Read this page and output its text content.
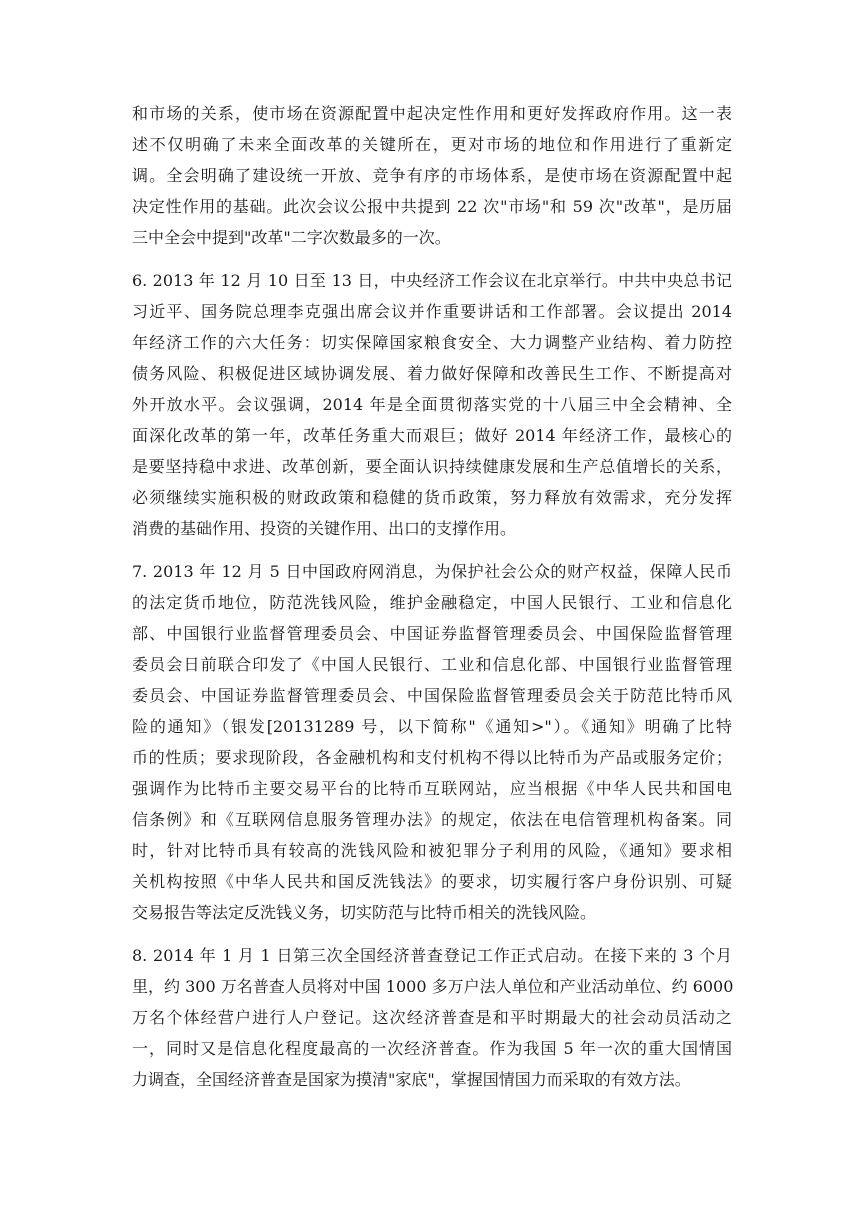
和市场的关系，使市场在资源配置中起决定性作用和更好发挥政府作用。这一表
述不仅明确了未来全面改革的关键所在，更对市场的地位和作用进行了重新定
调。全会明确了建设统一开放、竞争有序的市场体系，是使市场在资源配置中起
决定性作用的基础。此次会议公报中共提到 22 次"市场"和 59 次"改革"，是历届
三中全会中提到"改革"二字次数最多的一次。
6. 2013 年 12 月 10 日至 13 日，中央经济工作会议在北京举行。中共中央总书记
习近平、国务院总理李克强出席会议并作重要讲话和工作部署。会议提出 2014
年经济工作的六大任务：切实保障国家粮食安全、大力调整产业结构、着力防控
债务风险、积极促进区域协调发展、着力做好保障和改善民生工作、不断提高对
外开放水平。会议强调，2014 年是全面贯彻落实党的十八届三中全会精神、全
面深化改革的第一年，改革任务重大而艰巨；做好 2014 年经济工作，最核心的
是要坚持稳中求进、改革创新，要全面认识持续健康发展和生产总值增长的关系，
必须继续实施积极的财政政策和稳健的货币政策，努力释放有效需求，充分发挥
消费的基础作用、投资的关键作用、出口的支撑作用。
7. 2013 年 12 月 5 日中国政府网消息，为保护社会公众的财产权益，保障人民币
的法定货币地位，防范洗钱风险，维护金融稳定，中国人民银行、工业和信息化
部、中国银行业监督管理委员会、中国证券监督管理委员会、中国保险监督管理
委员会日前联合印发了《中国人民银行、工业和信息化部、中国银行业监督管理
委员会、中国证券监督管理委员会、中国保险监督管理委员会关于防范比特币风
险的通知》（银发[20131289 号，以下简称"《通知>"）。《通知》明确了比特
币的性质；要求现阶段，各金融机构和支付机构不得以比特币为产品或服务定价；
强调作为比特币主要交易平台的比特币互联网站，应当根据《中华人民共和国电
信条例》和《互联网信息服务管理办法》的规定，依法在电信管理机构备案。同
时，针对比特币具有较高的洗钱风险和被犯罪分子利用的风险，《通知》要求相
关机构按照《中华人民共和国反洗钱法》的要求，切实履行客户身份识别、可疑
交易报告等法定反洗钱义务，切实防范与比特币相关的洗钱风险。
8. 2014 年 1 月 1 日第三次全国经济普查登记工作正式启动。在接下来的 3 个月
里，约 300 万名普查人员将对中国 1000 多万户法人单位和产业活动单位、约 6000
万名个体经营户进行人户登记。这次经济普查是和平时期最大的社会动员活动之
一，同时又是信息化程度最高的一次经济普查。作为我国 5 年一次的重大国情国
力调查，全国经济普查是国家为摸清"家底"，掌握国情国力而采取的有效方法。
